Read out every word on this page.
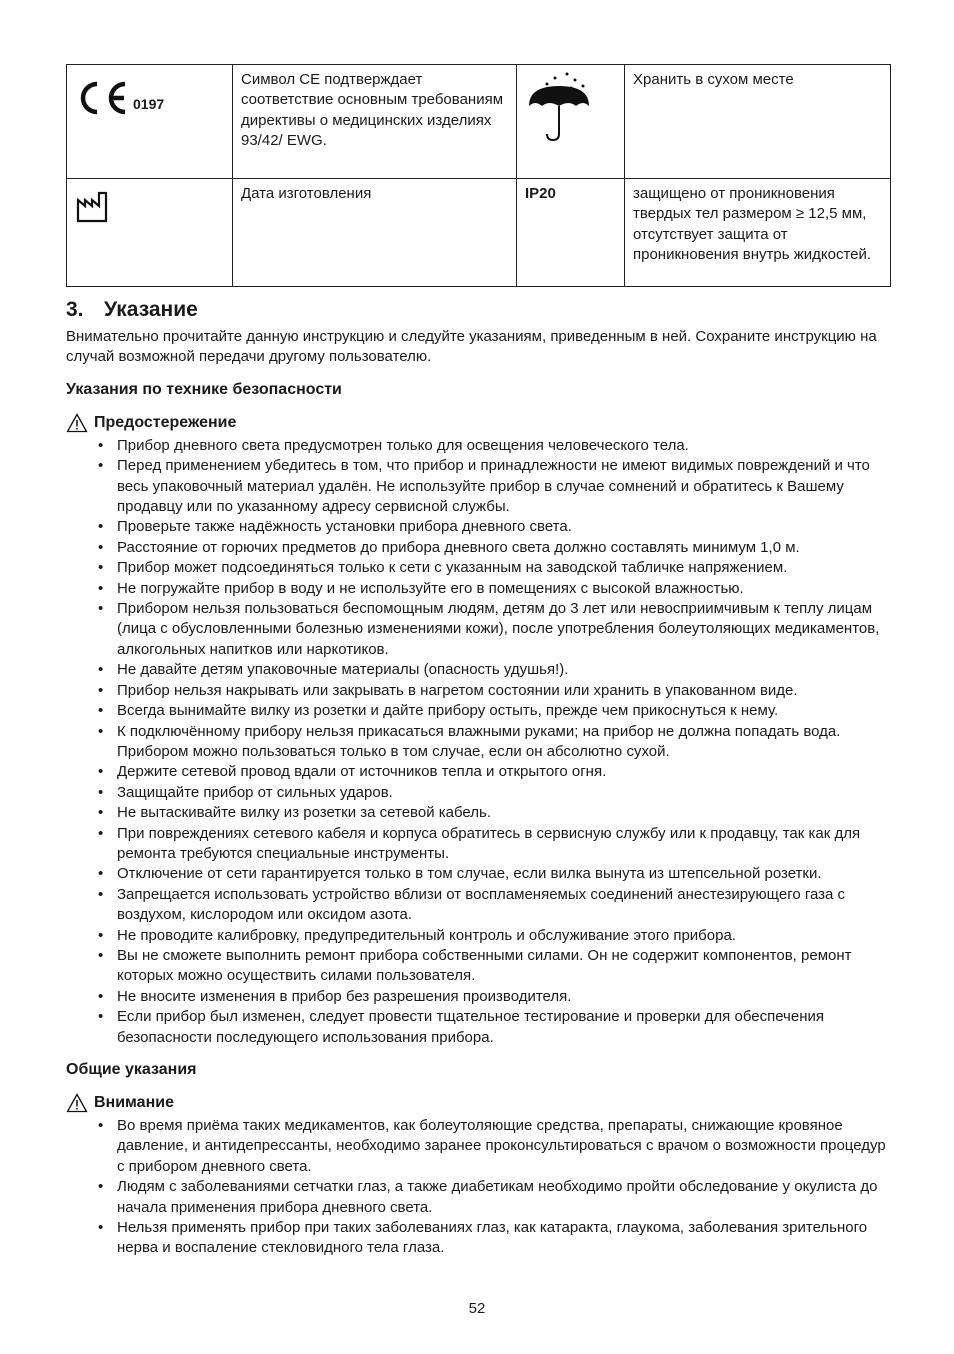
0197	Символ CE подтверждает соответствие основным требованиям директивы о медицинских изделиях 93/42/ EWG.		Хранить в сухом месте
	Дата изготовления	IP20	защищено от проникновения твердых тел размером ≥ 12,5 мм, отсутствует защита от проникновения внутрь жидкостей.
3. Указание

Внимательно прочитайте данную инструкцию и следуйте указаниям, приведенным в ней. Сохраните инструкцию на случай возможной передачи другому пользователю.

Указания по технике безопасности
Предостережение
• Прибор дневного света предусмотрен только для освещения человеческого тела.
• Перед применением убедитесь в том, что прибор и принадлежности не имеют видимых повреждений и что весь упаковочный материал удалён. Не используйте прибор в случае сомнений и обратитесь к Вашему продавцу или по указанному адресу сервисной службы.
• Проверьте также надёжность установки прибора дневного света.
• Расстояние от горючих предметов до прибора дневного света должно составлять минимум 1,0 м.
• Прибор может подсоединяться только к сети с указанным на заводской табличке напряжением.
• Не погружайте прибор в воду и не используйте его в помещениях с высокой влажностью.
• Прибором нельзя пользоваться беспомощным людям, детям до 3 лет или невосприимчивым к теплу лицам (лица с обусловленными болезнью изменениями кожи), после употребления болеутоляющих медикаментов, алкогольных напитков или наркотиков.
• Не давайте детям упаковочные материалы (опасность удушья!).
• Прибор нельзя накрывать или закрывать в нагретом состоянии или хранить в упакованном виде.
• Всегда вынимайте вилку из розетки и дайте прибору остыть, прежде чем прикоснуться к нему.
• К подключённому прибору нельзя прикасаться влажными руками; на прибор не должна попадать вода. Прибором можно пользоваться только в том случае, если он абсолютно сухой.
• Держите сетевой провод вдали от источников тепла и открытого огня.
• Защищайте прибор от сильных ударов.
• Не вытаскивайте вилку из розетки за сетевой кабель.
• При повреждениях сетевого кабеля и корпуса обратитесь в сервисную службу или к продавцу, так как для ремонта требуются специальные инструменты.
• Отключение от сети гарантируется только в том случае, если вилка вынута из штепсельной розетки.
• Запрещается использовать устройство вблизи от воспламеняемых соединений анестезирующего газа с воздухом, кислородом или оксидом азота.
• Не проводите калибровку, предупредительный контроль и обслуживание этого прибора.
• Вы не сможете выполнить ремонт прибора собственными силами. Он не содержит компонентов, ремонт которых можно осуществить силами пользователя.
• Не вносите изменения в прибор без разрешения производителя.
• Если прибор был изменен, следует провести тщательное тестирование и проверки для обеспечения безопасности последующего использования прибора.
Общие указания
Внимание
• Во время приёма таких медикаментов, как болеутоляющие средства, препараты, снижающие кровяное давление, и антидепрессанты, необходимо заранее проконсультироваться с врачом о возможности процедур с прибором дневного света.
• Людям с заболеваниями сетчатки глаз, а также диабетикам необходимо пройти обследование у окулиста до начала применения прибора дневного света.
• Нельзя применять прибор при таких заболеваниях глаз, как катаракта, глаукома, заболевания зрительного нерва и воспаление стекловидного тела глаза.
52
